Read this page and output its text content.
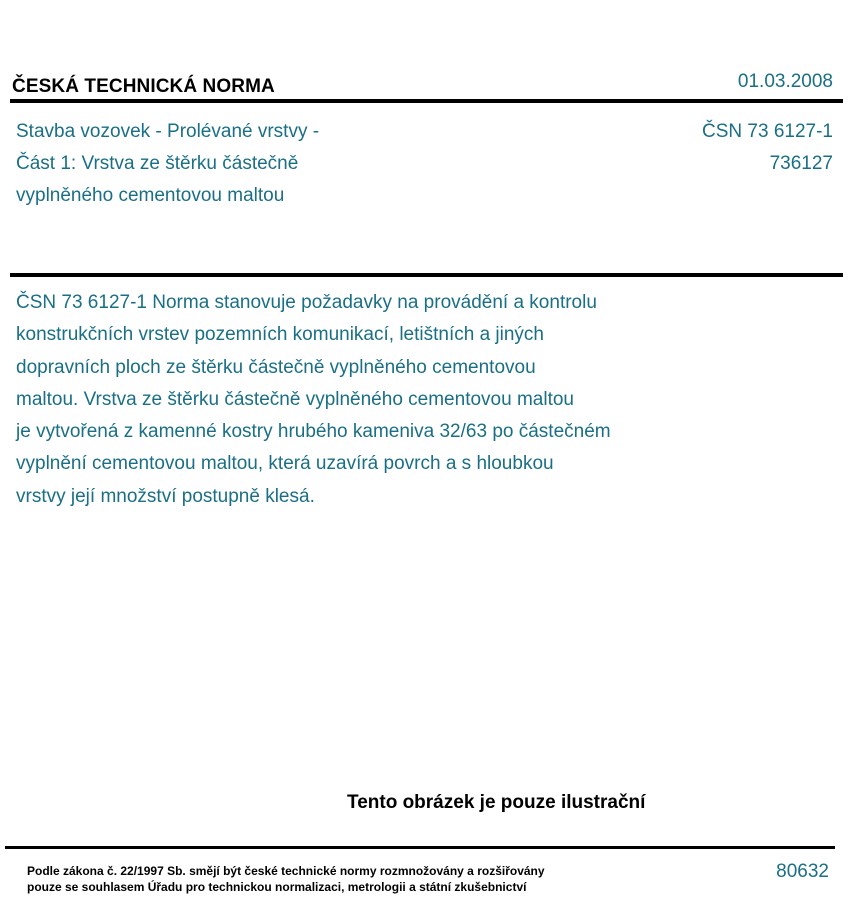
ČESKÁ TECHNICKÁ NORMA	01.03.2008
Stavba vozovek - Prolévané vrstvy -
Část 1: Vrstva ze štěrku částečně
vyplněného cementovou maltou
ČSN 73 6127-1
736127
ČSN 73 6127-1 Norma stanovuje požadavky na provádění a kontrolu
konstrukčních vrstev pozemních komunikací, letištních a jiných
dopravních ploch ze štěrku částečně vyplněného cementovou
maltou. Vrstva ze štěrku částečně vyplněného cementovou maltou
je vytvořená z kamenné kostry hrubého kameniva 32/63 po částečném
vyplnění cementovou maltou, která uzavírá povrch a s hloubkou
vrstvy její množství postupně klesá.
Tento obrázek je pouze ilustrační
Podle zákona č. 22/1997 Sb. smějí být české technické normy rozmnožovány a rozšiřovány
pouze se souhlasem Úřadu pro technickou normalizaci, metrologii a státní zkušebnictví
80632
